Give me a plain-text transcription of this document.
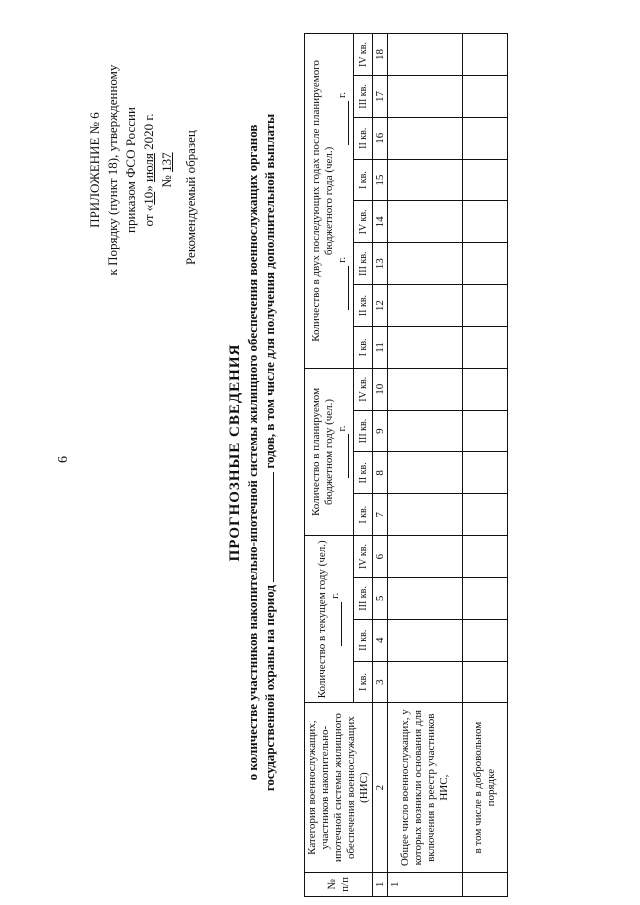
6
ПРИЛОЖЕНИЕ № 6 к Порядку (пункт 18), утвержденному приказом ФСО России от «10» июля 2020 г.
№ 137 Рекомендуемый образец
ПРОГНОЗНЫЕ СВЕДЕНИЯ о количестве участников накопительно-ипотечной системы жилищного обеспечения военнослужащих органов государственной охраны на период  годов, в том числе для получения дополнительной выплаты
№ п/п	Категория военнослужащих, участников накопительно-ипотечной системы жилищного обеспечения военнослужащих (НИС)	Количество в текущем году (чел.) г.				Количество в планируемом бюджетном году (чел.) г.				Количество в двух последующих годах после планируемого бюджетного года (чел.)
г.
г.							

		I кв.	II кв.	III кв.	IV кв.	I кв.	II кв.	III кв.	IV кв.	I кв.	II кв.	III кв.	IV кв.	I кв.	II кв.	III кв.	IV кв.
1	2	3	4	5	6	7	8	9	10	11	12	13	14	15	16	17	18
1	Общее число военнослужащих, у которых возникли основания для включения в реестр участников НИС,																
	в том числе в добровольном порядке																
